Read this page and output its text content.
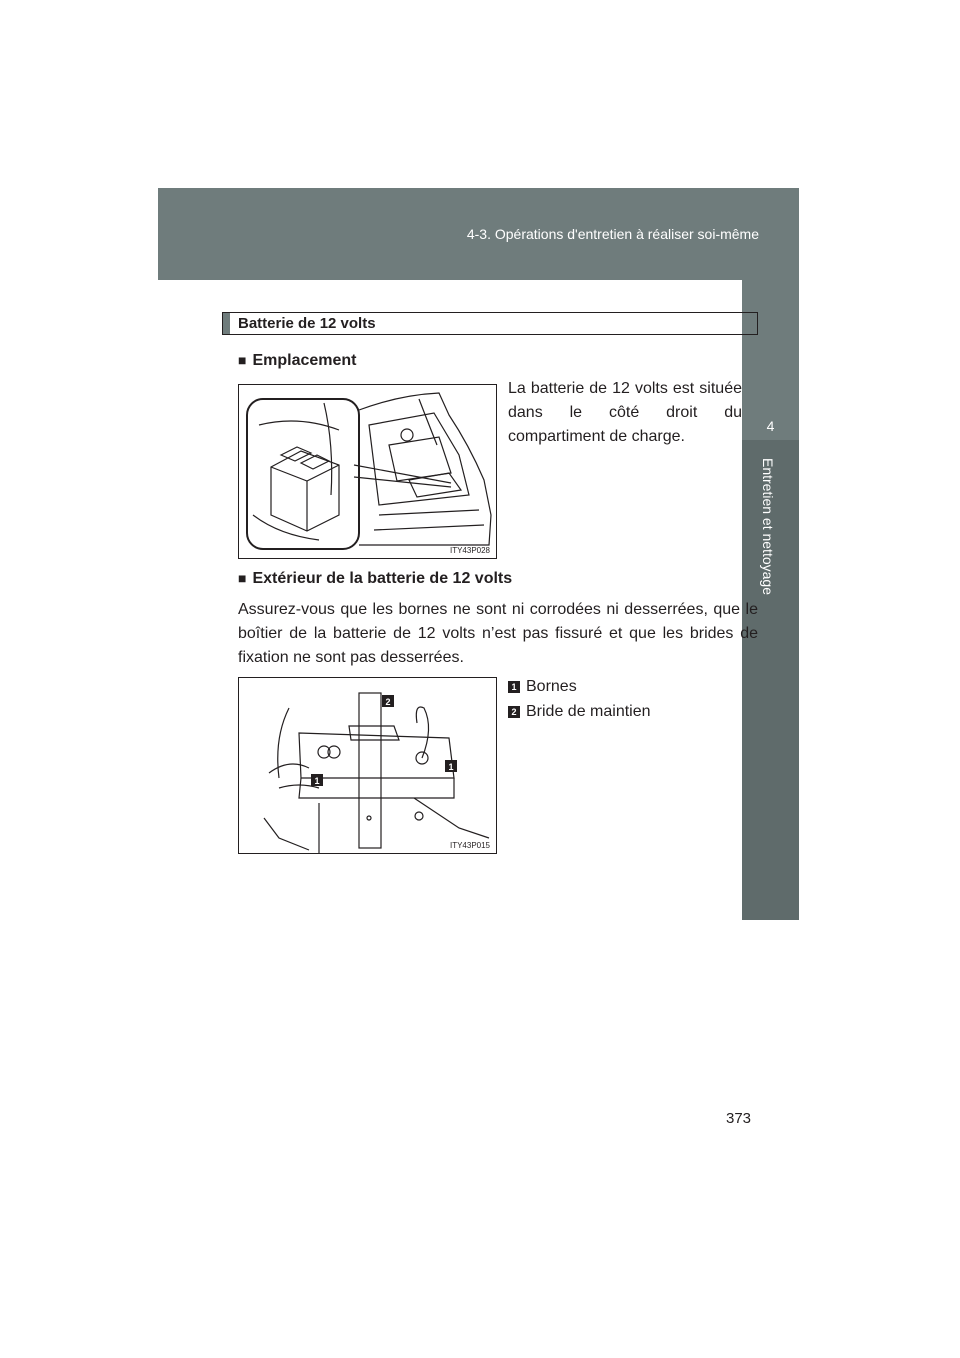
4-3. Opérations d'entretien à réaliser soi-même
4
Entretien et nettoyage
Batterie de 12 volts
■ Emplacement
ITY43P028
La batterie de 12 volts est située dans le côté droit du compartiment de charge.
■ Extérieur de la batterie de 12 volts
Assurez-vous que les bornes ne sont ni corrodées ni desserrées, que le boîtier de la batterie de 12 volts n’est pas fissuré et que les brides de fixation ne sont pas desserrées.
2
1
1
ITY43P015
1 Bornes
2 Bride de maintien
373
